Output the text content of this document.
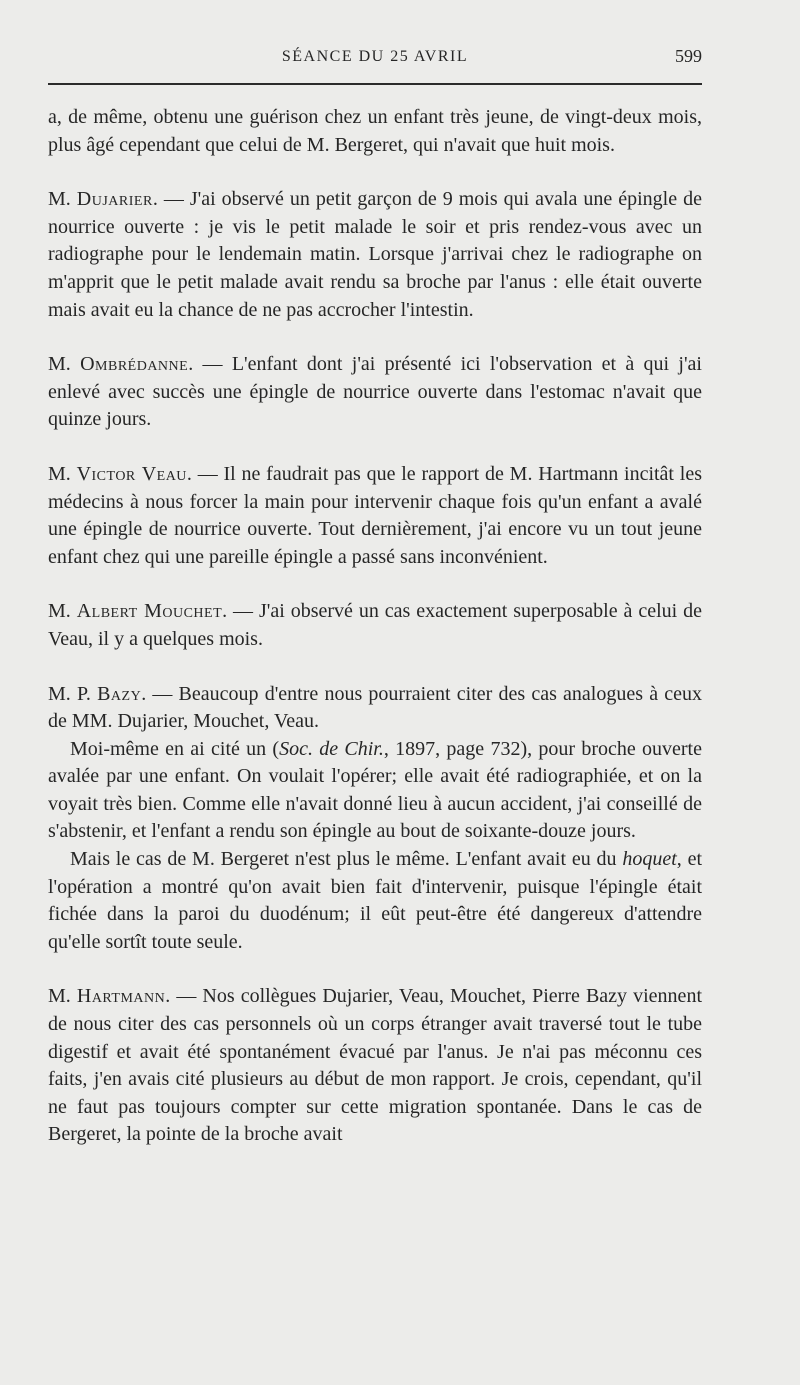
SÉANCE DU 25 AVRIL	599

a, de même, obtenu une guérison chez un enfant très jeune, de vingt-deux mois, plus âgé cependant que celui de M. Bergeret, qui n'avait que huit mois.

M. Dujarier. — J'ai observé un petit garçon de 9 mois qui avala une épingle de nourrice ouverte : je vis le petit malade le soir et pris rendez-vous avec un radiographe pour le lendemain matin. Lorsque j'arrivai chez le radiographe on m'apprit que le petit malade avait rendu sa broche par l'anus : elle était ouverte mais avait eu la chance de ne pas accrocher l'intestin.

M. Ombrédanne. — L'enfant dont j'ai présenté ici l'observation et à qui j'ai enlevé avec succès une épingle de nourrice ouverte dans l'estomac n'avait que quinze jours.

M. Victor Veau. — Il ne faudrait pas que le rapport de M. Hartmann incitât les médecins à nous forcer la main pour intervenir chaque fois qu'un enfant a avalé une épingle de nourrice ouverte. Tout dernièrement, j'ai encore vu un tout jeune enfant chez qui une pareille épingle a passé sans inconvénient.

M. Albert Mouchet. — J'ai observé un cas exactement superposable à celui de Veau, il y a quelques mois.

M. P. Bazy. — Beaucoup d'entre nous pourraient citer des cas analogues à ceux de MM. Dujarier, Mouchet, Veau.

Moi-même en ai cité un (Soc. de Chir., 1897, page 732), pour broche ouverte avalée par une enfant. On voulait l'opérer; elle avait été radiographiée, et on la voyait très bien. Comme elle n'avait donné lieu à aucun accident, j'ai conseillé de s'abstenir, et l'enfant a rendu son épingle au bout de soixante-douze jours.

Mais le cas de M. Bergeret n'est plus le même. L'enfant avait eu du hoquet, et l'opération a montré qu'on avait bien fait d'intervenir, puisque l'épingle était fichée dans la paroi du duodénum; il eût peut-être été dangereux d'attendre qu'elle sortît toute seule.

M. Hartmann. — Nos collègues Dujarier, Veau, Mouchet, Pierre Bazy viennent de nous citer des cas personnels où un corps étranger avait traversé tout le tube digestif et avait été spontanément évacué par l'anus. Je n'ai pas méconnu ces faits, j'en avais cité plusieurs au début de mon rapport. Je crois, cependant, qu'il ne faut pas toujours compter sur cette migration spontanée. Dans le cas de Bergeret, la pointe de la broche avait
